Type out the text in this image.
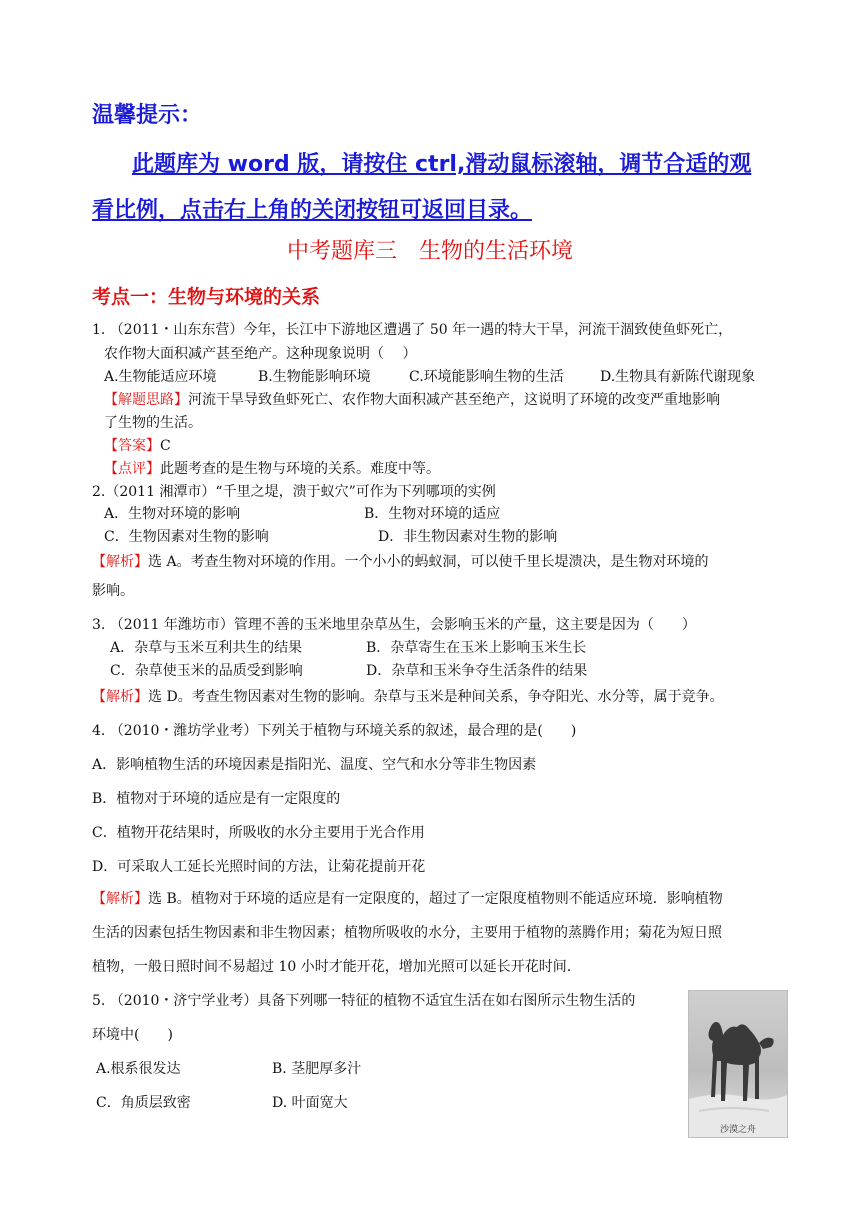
温馨提示：
此题库为 word 版，请按住 ctrl,滑动鼠标滚轴，调节合适的观
看比例，点击右上角的关闭按钮可返回目录。
中考题库三　生物的生活环境
考点一：生物与环境的关系
1. （2011・山东东营）今年，长江中下游地区遭遇了 50 年一遇的特大干旱，河流干涸致使鱼虾死亡，
农作物大面积减产甚至绝产。这种现象说明（　 ）
A.生物能适应环境	B.生物能影响环境	C.环境能影响生物的生活	D.生物具有新陈代谢现象
【解题思路】河流干旱导致鱼虾死亡、农作物大面积减产甚至绝产，这说明了环境的改变严重地影响
了生物的生活。
【答案】C
【点评】此题考查的是生物与环境的关系。难度中等。
2.（2011 湘潭市）“千里之堤，溃于蚁穴”可作为下列哪项的实例
A．生物对环境的影响	B．生物对环境的适应
C．生物因素对生物的影响	D．非生物因素对生物的影响
【解析】选 A。考查生物对环境的作用。一个小小的蚂蚁洞，可以使千里长堤溃决，是生物对环境的
影响。
3. （2011 年潍坊市）管理不善的玉米地里杂草丛生，会影响玉米的产量，这主要是因为（　　）
A．杂草与玉米互利共生的结果	B．杂草寄生在玉米上影响玉米生长
C．杂草使玉米的品质受到影响	D．杂草和玉米争夺生活条件的结果
【解析】选 D。考查生物因素对生物的影响。杂草与玉米是种间关系，争夺阳光、水分等，属于竞争。
4. （2010・潍坊学业考）下列关于植物与环境关系的叙述，最合理的是(　　)
A．影响植物生活的环境因素是指阳光、温度、空气和水分等非生物因素
B．植物对于环境的适应是有一定限度的
C．植物开花结果时，所吸收的水分主要用于光合作用
D．可采取人工延长光照时间的方法，让菊花提前开花
【解析】选 B。植物对于环境的适应是有一定限度的，超过了一定限度植物则不能适应环境．影响植物
生活的因素包括生物因素和非生物因素；植物所吸收的水分，主要用于植物的蒸腾作用；菊花为短日照
植物，一般日照时间不易超过 10 小时才能开花，增加光照可以延长开花时间.
5. （2010・济宁学业考）具备下列哪一特征的植物不适宜生活在如右图所示生物生活的
环境中(　　)
A.根系很发达	B. 茎肥厚多汁
C．角质层致密	D. 叶面宽大
沙漠之舟
